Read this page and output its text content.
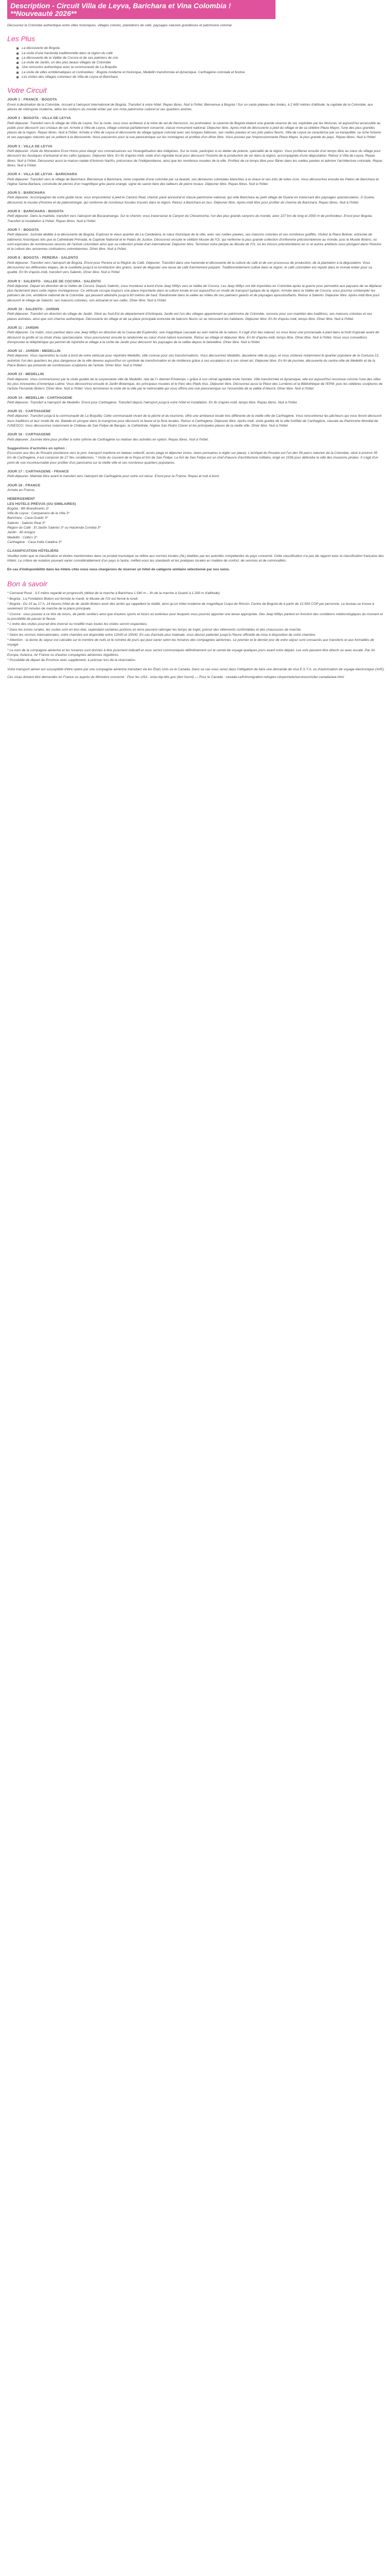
Description - Circuit Villa de Leyva, Barichara et Vina Colombia !
**Nouveauté 2026**

Découvrez la Colombie authentique entre villes historiques, villages colorés, plantations de café, paysages naturels grandioses et patrimoine colonial.

Les Plus
La découverte de Bogota
La visite d'une hacienda traditionnelle dans la région du café
La découverte de la Vallée de Cocora et de ses palmiers de cire
La visite de Jardin, un des plus beaux villages de Colombie
Une rencontre authentique avec la communauté de La Boquilla
La visite de villes emblématiques et contrastées : Bogota moderne et historique, Medellin transformée et dynamique, Carthagène coloniale et festive
Les visites des villages coloniaux de Villa de Leyva et Barichara
Votre Circuit
JOUR 1 : FRANCE - BOGOTA

Envol à destination de la Colombie. Accueil à l'aéroport international de Bogota. Transfert à votre hôtel. Repas libres. Nuit à l'hôtel. Bienvenue à Bogota ! Sur un vaste plateau des Andes, à 2 600 mètres d'altitude, la capitale de la Colombie, aux allures de métropole moderne, attire les visiteurs du monde entier par son riche patrimoine culturel et ses quartiers animés.

JOUR 2 : BOGOTA - VILLA DE LEYVA

Petit déjeuner. Transfert vers le village de Villa de Leyva. Sur la route, vous vous arrêterez à la mine de sel de Nemocon. Au profondeur, la caverne de Bogota étaient une grande réserve de sel, exploitée par les Muiscas, et aujourd'hui accessible au public pour découvrir ses cristaux de sel. Arrivée à Villa de Leyva, village colonial parfaitement conservé, classé monument national. Déjeuner libre. Après-midi de découverte à pied du village et de sa célèbre Plaza Mayor, l'une des plus grandes places de la région. Repas libres. Nuit à l'hôtel. Arrivée à Villa de Leyva et découverte du village typique colonial avec ses longues bâtisses, ses ruelles pavées et ses jolis patios fleuris. Villa de Leyva se caractérise par sa tranquillité, sa riche histoire et ses paysages naturels qui se prêtent à la découverte. Nous passerons pour la vue panoramique sur les montagnes et profitez d'un dîner libre. Vous pouvez par l'impressionnante Plaza Mayor, la plus grande du pays. Repas libres. Nuit à l'hôtel.

JOUR 3 : VILLA DE LEYVA

Petit déjeuner. Visite du Monastère Ecce Homo pour élargir vos connaissances sur l'évangélisation des indigènes. Sur la route, participez à un atelier de poterie, spécialité de la région. Vous profiterez ensuite d'un temps libre au cœur du village pour découvrir les boutiques d'artisanat et les cafés typiques. Déjeuner libre. En fin d'après-midi, visite d'un vignoble local pour découvrir l'histoire de la production de vin dans la région, accompagnée d'une dégustation. Retour à Villa de Leyva. Repas libres. Nuit à l'hôtel. Découvrez aussi la maison natale d'Antonio Nariño, précurseur de l'indépendance, ainsi que les nombreux musées de la ville. Profitez de ce temps libre pour flâner dans les ruelles pavées et admirer l'architecture coloniale. Repas libres. Nuit à l'hôtel.

JOUR 4 : VILLA DE LEYVA - BARICHARA

Petit déjeuner. Transfert vers le village de Barichara. Bienvenue à Barichara, reine coquette d'une colombe par sa beauté, ses demeures coloniales blanchies à la chaux et ses toits de tuiles ocre. Vous découvrirez ensuite les Patios de Barichara et l'église Santa Barbara, construite de pierres d'un magnifique grès jaune-orangé, signe du savoir-faire des tailleurs de pierre locaux. Déjeuner libre. Repas libres. Nuit à l'hôtel.

JOUR 5 : BARICHARA

Petit déjeuner. Accompagnés de votre guide local, vous emprunterez à pied le Camino Real, chemin pavé ancestral et classé patrimoine national, qui relie Barichara au petit village de Guane en traversant des paysages spectaculaires. À Guane, découvrez le musée d'histoire et de paléontologie, qui renferme de nombreux fossiles trouvés dans la région. Retour à Barichara en bus. Déjeuner libre. Après-midi libre pour profiter du charme de Barichara. Repas libres. Nuit à l'hôtel.

JOUR 6 : BARICHARA - BOGOTA

Petit déjeuner. Dans la matinée, transfert vers l'aéroport de Bucaramanga. Sur le chemin, vous traverserez le Canyon du Chicamocha, l'un des plus grands canyons du monde, avec 227 km de long et 2000 m de profondeur. Envol pour Bogota. Transfert et installation à l'hôtel. Repas libres. Nuit à l'hôtel.

JOUR 7 : BOGOTA

Petit déjeuner. Journée dédiée à la découverte de Bogota. Explorez le vieux quartier de La Candelaria, le cœur historique de la ville, avec ses ruelles pavées, ses maisons colorées et ses nombreux graffitis. Visitez la Place Bolivar, entourée de bâtiments historiques tels que la Cathédrale Primada, le Capitole National et le Palais de Justice. Découvrez ensuite le célèbre Musée de l'Or, qui renferme la plus grande collection d'orfèvrerie précolombienne au monde, puis le Musée Botero, où sont exposées de nombreuses œuvres de l'artiste colombien ainsi que sa collection privée d'art international. Déjeuner libre. Terminez votre périple au Musée de l'Or, où les trésors précolombiens en or et autres artéfacts vous plongent dans l'histoire et la culture des anciennes civilisations colombiennes. Dîner libre. Nuit à l'hôtel.

JOUR 8 : BOGOTA - PEREIRA - SALENTO

Petit déjeuner. Transfert vers l'aéroport de Bogota. Envol pour Pereira et la Région du Café. Déjeuner. Transfert dans une hacienda et découverte de la culture du café et de son processus de production, de la plantation à la dégustation. Vous découvrirez les différentes étapes, de la cueillette jusqu'à la torréfaction des grains, avant de déguster une tasse de café fraîchement préparé. Traditionnellement cultivé dans la région, le café colombien est réputé dans le monde entier pour sa qualité. En fin d'après-midi, transfert vers Salento. Dîner libre. Nuit à l'hôtel.

JOUR 9 : SALENTO - VALLEE DE COCORA - SALENTO

Petit déjeuner. Départ en direction de la Vallée de Cocora. Depuis Salento, vous monterez à bord d'une Jeep Willys vers la Vallée de Cocora. Les Jeep Willys ont été importées en Colombie après la guerre pour permettre aux paysans de se déplacer plus facilement dans cette région montagneuse. Ce véhicule occupe toujours une place importante dans la culture locale et est aujourd'hui un mode de transport typique de la région. Arrivée dans la Vallée de Cocora, vous pourrez contempler les palmiers de cire, emblème national de la Colombie, qui peuvent atteindre jusqu'à 60 mètres de haut. Randonnée dans la vallée au milieu de ces palmiers géants et de paysages époustouflants. Retour à Salento. Déjeuner libre. Après-midi libre pour découvrir le village de Salento, ses maisons colorées, son artisanat et ses cafés. Dîner libre. Nuit à l'hôtel.

JOUR 10 : SALENTO - JARDIN

Petit déjeuner. Transfert en direction du village de Jardin. Situé au Sud-Est du département d'Antioquia, Jardin est l'un des villages appartenant au patrimoine de Colombie, reconnu pour son maintien des traditions, ses maisons colorées et ses places animées, ainsi que son charme authentique. Découverte du village et de sa place principale entourée de balcons fleuris où se retrouvent les habitants. Déjeuner libre. En fin d'après-midi, temps libre. Dîner libre. Nuit à l'hôtel.

JOUR 11 : JARDIN

Petit déjeuner. Ce matin, vous partirez dans une Jeep Willys en direction de la Cueva del Esplendor, une magnifique cascade au sein même de la nature. Il s'agit d'un lieu naturel, où vous ferez une promenade à pied dans la forêt tropicale avant de découvrir la grotte et sa chute d'eau spectaculaire. Vous poursuivrez ensuite la randonnée au cœur d'une nature luxuriante. Retour au village et déjeuner libre. En fin d'après-midi, temps libre. Dîner libre. Nuit à l'hôtel. Nous vous conseillons d'emprunter le téléphérique qui permet de rejoindre le village à la sortie de Jardin pour découvrir les paysages de la vallée depuis le belvédère. Dîner libre. Nuit à l'hôtel.

JOUR 12 : JARDIN - MEDELLIN

Petit déjeuner. Vous reprendrez la route à bord de votre véhicule pour rejoindre Medellin, ville connue pour ses transformations. Vous découvrirez Medellin, deuxième ville du pays, et vous visiterez notamment le quartier populaire de la Comuna 13, autrefois l'un des quartiers les plus dangereux de la ville devenu aujourd'hui un symbole de transformation et de résilience grâce à ses escalators et à son street art. Déjeuner libre. En fin de journée, découverte du centre-ville de Medellin et de la Place Botero qui présente de nombreuses sculptures de l'artiste. Dîner libre. Nuit à l'hôtel.

JOUR 13 : MEDELLIN

Petit déjeuner. Vous commencerez par la visite guidée de la surprenante ville de Medellin, née de l'« éternel Printemps » grâce à son climat agréable toute l'année. Ville transformée et dynamique, elle est aujourd'hui reconnue comme l'une des villes les plus innovantes d'Amérique Latine. Vous découvrirez ensuite le Jardin Botanique, les principaux musées et le Parc des Pieds Nus. Déjeuner libre. Découvrez aussi la Place des Lumières et la Bibliothèque de l'EPM, puis les célèbres sculptures de l'artiste Fernando Botero. Dîner libre. Nuit à l'hôtel. Vous terminerez la visite de la ville par le métrocable qui vous offrira une vue panoramique sur l'ensemble de la vallée d'Aburrá. Dîner libre. Nuit à l'hôtel.

JOUR 14 : MEDELLIN - CARTHAGENE

Petit déjeuner. Transfert à l'aéroport de Medellin. Envol pour Carthagène. Transfert depuis l'aéroport jusqu'à votre hôtel et installation. En fin d'après-midi, temps libre. Repas libres. Nuit à l'hôtel.

JOUR 15 : CARTHAGENE

Petit déjeuner. Transfert jusqu'à la communauté de La Boquilla. Cette communauté vivant de la pêche et du tourisme, offre une ambiance locale très différente de la vieille ville de Carthagène. Vous rencontrerez les pêcheurs qui vous feront découvrir leurs traditions et leur mode de vie. Balade en pirogue dans la mangrove pour découvrir la faune et la flore locales. Retour à Carthagène. Déjeuner libre. Après-midi, visite guidée de la ville fortifiée de Carthagène, classée au Patrimoine Mondial de l'UNESCO. Vous découvrirez notamment le Château de San Felipe de Barajas, la Cathédrale, l'église San Pedro Claver et les principales places de la vieille ville. Dîner libre. Nuit à l'hôtel.

JOUR 16 : CARTHAGENE

Petit déjeuner. Journée libre pour profiter à votre rythme de Carthagène ou réaliser des activités en option. Repas libres. Nuit à l'hôtel.

Suggestions d'activités en option :

Excursion aux îles du Rosaire (existence vers le port, transport maritime en bateau collectif, accès plage et déjeuner inclus, taxes portuaires à régler sur place). L'archipel du Rosaire est l'un des 56 parcs naturels de la Colombie, situé à environ 35 km de Carthagène, il est composé de 27 îles coralliennes. * Visite du couvent de la Popa et fort de San Felipe. La fort de San Felipe est un chef d'œuvre d'architecture militaire, érigé en 1536 pour défendre la ville des invasions pirates. Il s'agit d'un point de vue incontournable pour profiter d'un panorama sur la vieille ville et ses nombreux quartiers populaires.

JOUR 17 : CARTHAGENE - FRANCE

Petit déjeuner. Matinée libre avant le transfert vers l'aéroport de Carthagène pour votre vol retour. Envol pour la France. Repas et nuit à bord.

JOUR 18 : FRANCE

Arrivée en France.

HEBERGEMENT
LES HOTELS PRÉVUS (OU SIMILAIRES)
Bogota : 8th Brandmarks 3*
Villa de Leyva : Campanario de la Villa 3*
Barichara : Casa Guadú 3*
Salento : Salento Real 3*
Région du Café : El Jardín Salento 3* ou Hacienda Combia 3*
Jardin : 40 Amigos
Medellin : Celtics 3*
Carthagène : Casa India Catalina 3*
CLASSIFICATION HÔTELIÈRE

Veuillez noter que la classification et étoiles mentionnées dans ce produit touristique se réfère aux normes locales (NL) établies par les autorités compétentes du pays concerné. Cette classification n'a pas de rapport avec la classification française des hôtels. Le critère de notation pouvant varier considérablement d'un pays à l'autre, méfiez-vous les standards et les pratiques locales en matière de confort, de services et de commodités.

En cas d'indisponibilité dans les hôtels cités nous nous chargerons de réserver un hôtel de catégorie similaire sélectionné par nos soins.

Bon à savoir

* Carnaval Rosé : 3.5 mètre regardé et progressifs (début de la marche à Barichara 1.540 m – fin de la marche à Guané à 1.200 m d'altitude).

* Bogota : La Fondation Botero est fermée le mardi, le Musée de l'Or est fermé le lundi.

* Bogota : Du 15 au 17 h, 14 heures hôtel de de Jardin Botero avoir des arrêts qui rappellent la réalité, ainsi qu'un hôtel moderne de magnifique Cuqui de Rincón. Centre de Bogotá de à partir de 12.500 COP par personne. Le bureau se trouve à seulement 10 minutes de marche de la place principale.

* Cocora : vous pouvez à ce titre de loisirs, de petits sentiers ainsi que d'autres sports et loisirs en extérieur pour lesquels vous pourrez apporter une tenue appropriée. Des Jeep Willys partent en fonction des conditions météorologiques du moment et la possibilité de passer le fleuve.

* L'ordre des visites pourrait être inversé ou modifié mais toutes les visites seront respectées.

* Dans les zones rurales, les routes sont en bon état, cependant certaines portions en terre peuvent rallonger les temps de trajet, prévoir des vêtements confortables et des chaussures de marche.

* Selon les normes internationales, votre chambre est disponible entre 12h00 et 15h00. En cas d'arrivée plus matinale, vous devrez patienter jusqu'à l'heure officielle de mise à disposition de votre chambre.

* Attention : la durée du séjour est calculée sur le nombre de nuits et le nombre de jours qui peut varier selon les horaires des compagnies aériennes. Le premier et le dernier jour de votre séjour sont consacrés aux transferts et aux formalités de voyage.

* Le nom de la compagnie aérienne et les horaires sont donnés à titre purement indicatif et vous seront communiqués définitivement sur le carnet de voyage quelques jours avant votre départ. Les vols peuvent être directs ou avec escale. Par Air Europa, Avianca, Air France ou d'autres compagnies aériennes régulières.

* Possibilité de départ de Province avec supplément, à préciser lors de la réservation.

Votre transport aérien est susceptible d'être opéré par une compagnie aérienne transitant via les États Unis ou le Canada. Dans ce cas vous serez dans l'obligation de faire une demande de visa E.S.T.A. ou d'autorisation de voyage électronique (AVE).

Ces visas doivent être demandés en France ou auprès du Ministère concerné : Pour les USA : esta.cbp.dhs.gov (lien fourni) — Pour le Canada : canada.ca/fr/immigration-refugies-citoyennete/services/visiter-canada/ave.html
